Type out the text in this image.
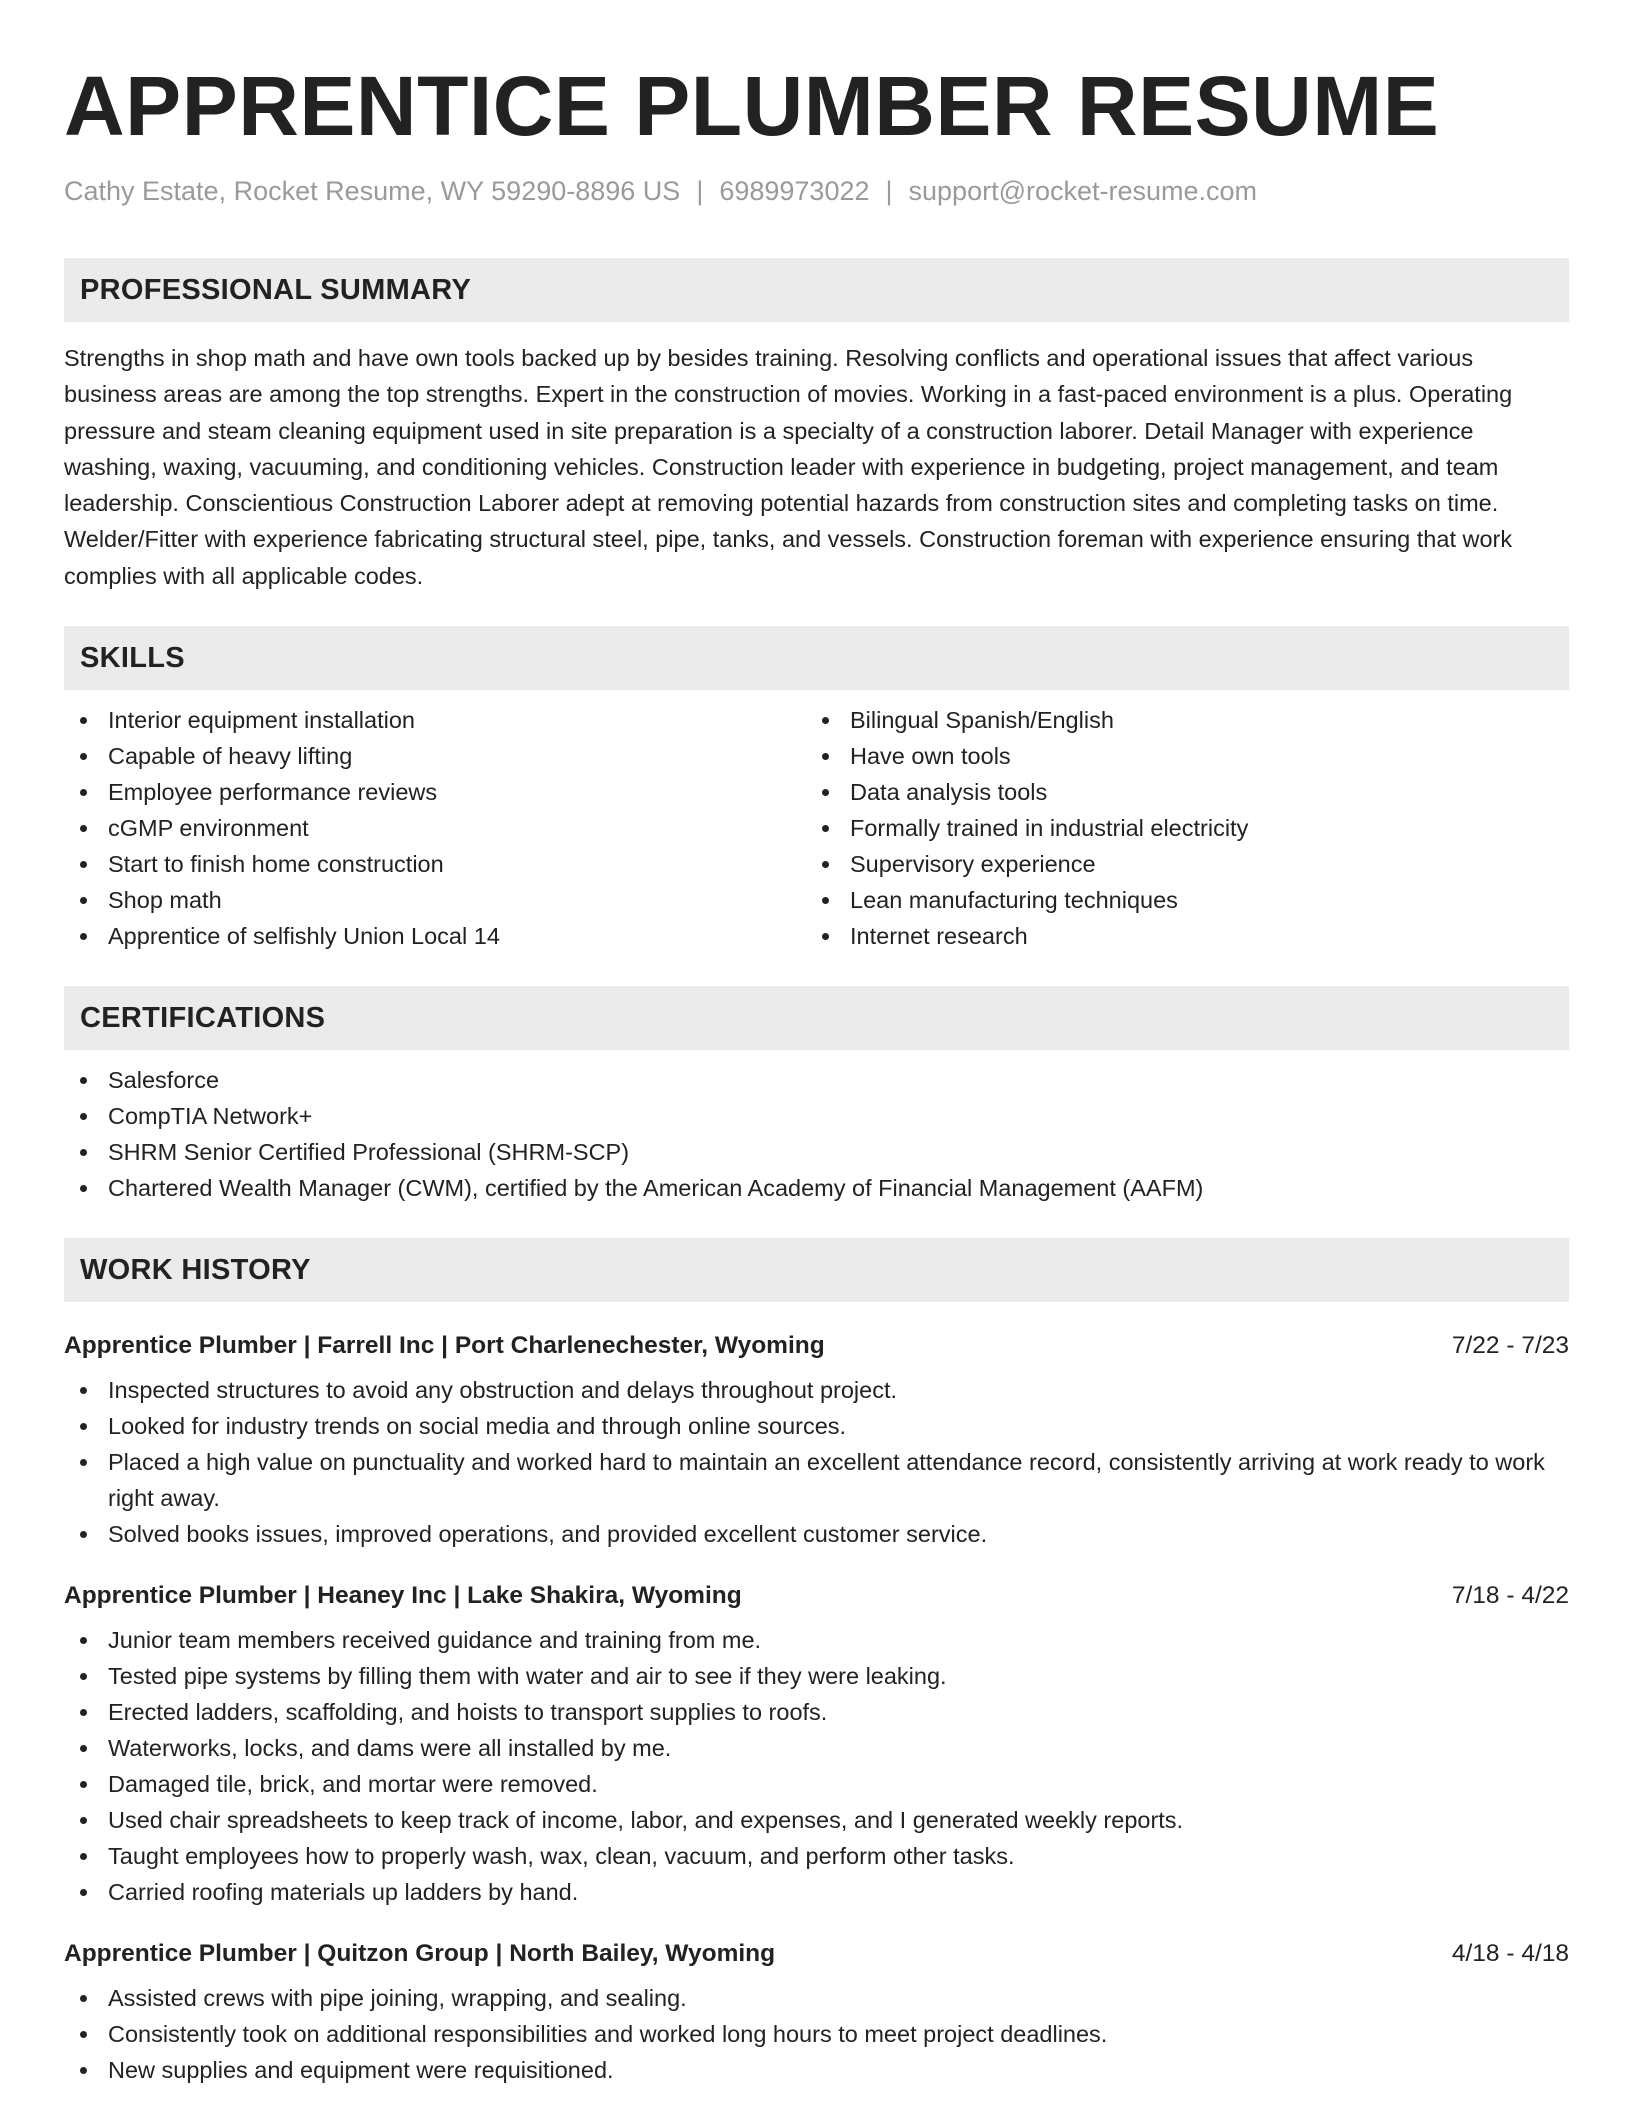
APPRENTICE PLUMBER RESUME
Cathy Estate, Rocket Resume, WY 59290-8896 US | 6989973022 | support@rocket-resume.com
PROFESSIONAL SUMMARY
Strengths in shop math and have own tools backed up by besides training. Resolving conflicts and operational issues that affect various business areas are among the top strengths. Expert in the construction of movies. Working in a fast-paced environment is a plus. Operating pressure and steam cleaning equipment used in site preparation is a specialty of a construction laborer. Detail Manager with experience washing, waxing, vacuuming, and conditioning vehicles. Construction leader with experience in budgeting, project management, and team leadership. Conscientious Construction Laborer adept at removing potential hazards from construction sites and completing tasks on time. Welder/Fitter with experience fabricating structural steel, pipe, tanks, and vessels. Construction foreman with experience ensuring that work complies with all applicable codes.
SKILLS
Interior equipment installation
Capable of heavy lifting
Employee performance reviews
cGMP environment
Start to finish home construction
Shop math
Apprentice of selfishly Union Local 14
Bilingual Spanish/English
Have own tools
Data analysis tools
Formally trained in industrial electricity
Supervisory experience
Lean manufacturing techniques
Internet research
CERTIFICATIONS
Salesforce
CompTIA Network+
SHRM Senior Certified Professional (SHRM-SCP)
Chartered Wealth Manager (CWM), certified by the American Academy of Financial Management (AAFM)
WORK HISTORY
Apprentice Plumber | Farrell Inc | Port Charlenechester, Wyoming	7/22 - 7/23
Inspected structures to avoid any obstruction and delays throughout project.
Looked for industry trends on social media and through online sources.
Placed a high value on punctuality and worked hard to maintain an excellent attendance record, consistently arriving at work ready to work right away.
Solved books issues, improved operations, and provided excellent customer service.
Apprentice Plumber | Heaney Inc | Lake Shakira, Wyoming	7/18 - 4/22
Junior team members received guidance and training from me.
Tested pipe systems by filling them with water and air to see if they were leaking.
Erected ladders, scaffolding, and hoists to transport supplies to roofs.
Waterworks, locks, and dams were all installed by me.
Damaged tile, brick, and mortar were removed.
Used chair spreadsheets to keep track of income, labor, and expenses, and I generated weekly reports.
Taught employees how to properly wash, wax, clean, vacuum, and perform other tasks.
Carried roofing materials up ladders by hand.
Apprentice Plumber | Quitzon Group | North Bailey, Wyoming	4/18 - 4/18
Assisted crews with pipe joining, wrapping, and sealing.
Consistently took on additional responsibilities and worked long hours to meet project deadlines.
New supplies and equipment were requisitioned.
